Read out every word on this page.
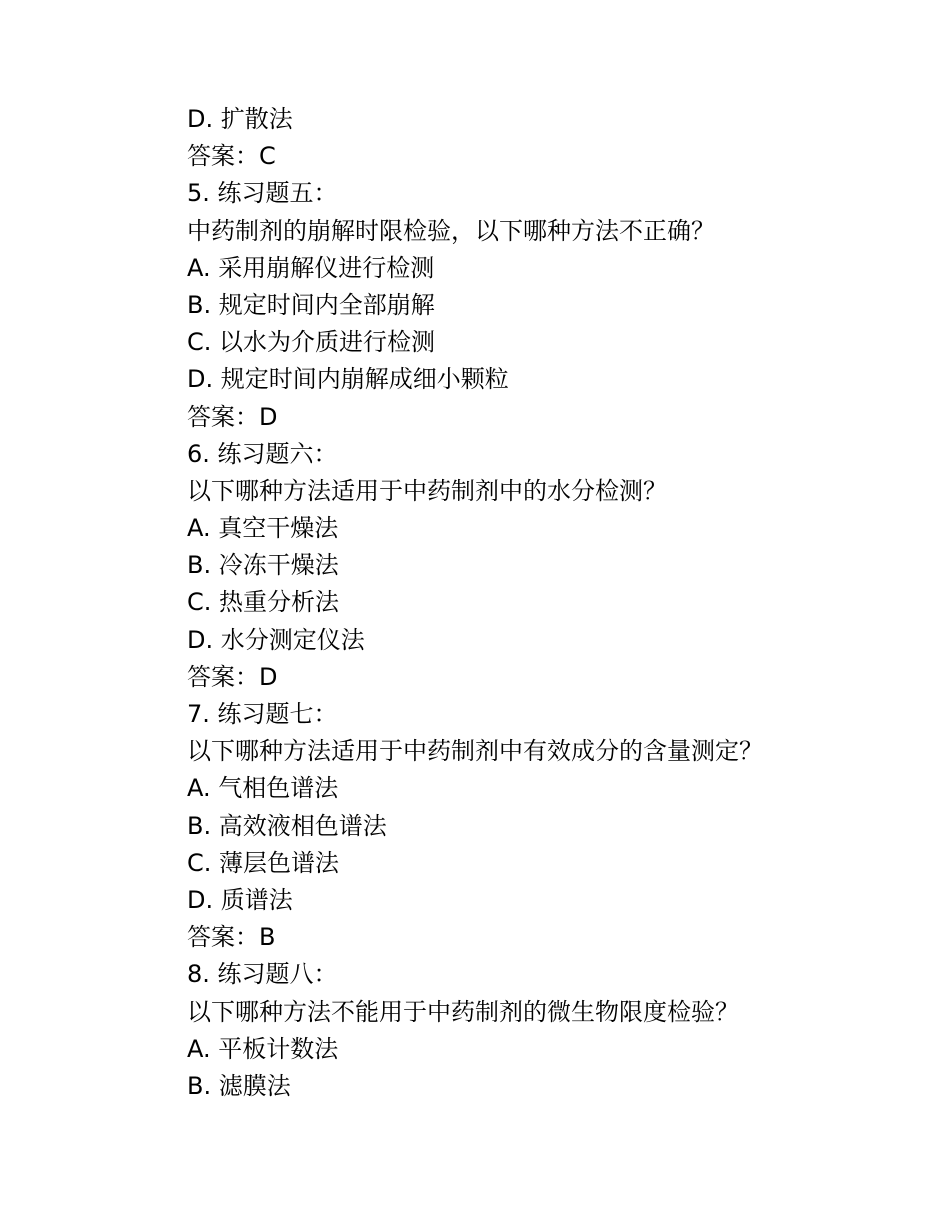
D. 扩散法
答案：C
5. 练习题五：
中药制剂的崩解时限检验，以下哪种方法不正确？
A. 采用崩解仪进行检测
B. 规定时间内全部崩解
C. 以水为介质进行检测
D. 规定时间内崩解成细小颗粒
答案：D
6. 练习题六：
以下哪种方法适用于中药制剂中的水分检测？
A. 真空干燥法
B. 冷冻干燥法
C. 热重分析法
D. 水分测定仪法
答案：D
7. 练习题七：
以下哪种方法适用于中药制剂中有效成分的含量测定？
A. 气相色谱法
B. 高效液相色谱法
C. 薄层色谱法
D. 质谱法
答案：B
8. 练习题八：
以下哪种方法不能用于中药制剂的微生物限度检验？
A. 平板计数法
B. 滤膜法
